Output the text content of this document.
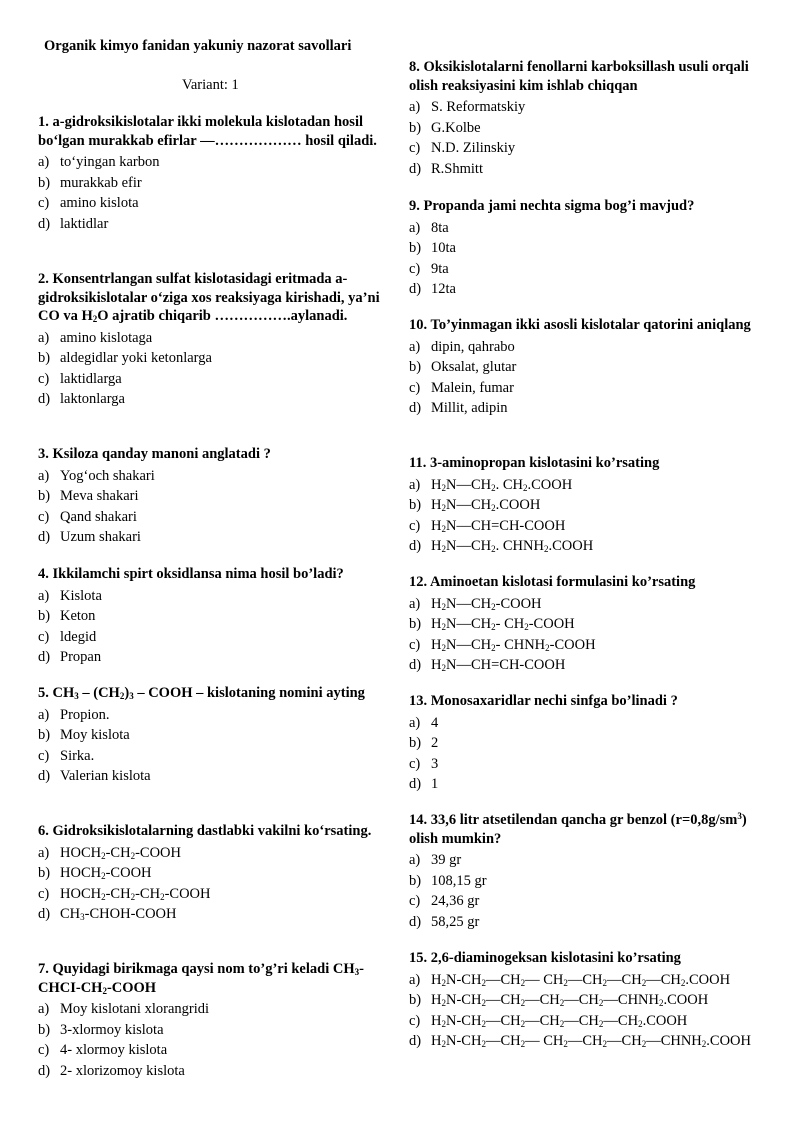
Organik kimyo fanidan yakuniy nazorat savollari
Variant: 1
1. a-gidroksikislotalar ikki molekula kislotadan hosil bo‘lgan murakkab efirlar —……………… hosil qiladi.
a) to‘yingan karbon
b) murakkab efir
c) amino kislota
d) laktidlar
2. Konsentrlangan sulfat kislotasidagi eritmada a-gidroksikislotalar o‘ziga xos reaksiyaga kirishadi, ya’ni CO va $H_2O$ ajratib chiqarib …………….aylanadi.
a) amino kislotaga
b) aldegidlar yoki ketonlarga
c) laktidlarga
d) laktonlarga
3. Ksiloza qanday manoni anglatadi ?
a) Yog‘och shakari
b) Meva shakari
c) Qand shakari
d) Uzum shakari
4. Ikkilamchi spirt oksidlansa nima hosil bo’ladi?
a) Kislota
b) Keton
c) ldegid
d) Propan
5. $CH_3 - (CH_2)_3$ – COOH – kislotaning nomini ayting
a) Propion.
b) Moy kislota
c) Sirka.
d) Valerian kislota
6. Gidroksikislotalarning dastlabki vakilni ko‘rsating.
a) $HOCH_2-CH_2$-COOH
b) $HOCH_2$-COOH
c) $HOCH_2-CH_2-CH_2$-COOH
d) $CH_3-CHOH$-COOH
7. Quyidagi birikmaga qaysi nom to’g’ri keladi $CH_3-CHCI-CH_2$-COOH
a) Moy kislotani xlorangridi
b) 3-xlormoy kislota
c) 4- xlormoy kislota
d) 2- xlorizomoy kislota
8. Oksikislotalarni fenollarni karboksillash usuli orqali olish reaksiyasini kim ishlab chiqqan
a) S. Reformatskiy
b) G.Kolbe
c) N.D. Zilinskiy
d) R.Shmitt
9. Propanda jami nechta sigma bog’i mavjud?
a) 8ta
b) 10ta
c) 9ta
d) 12ta
10. To’yinmagan ikki asosli kislotalar qatorini aniqlang
a) dipin, qahrabo
b) Oksalat, glutar
c) Malein, fumar
d) Millit, adipin
11. 3-aminopropan kislotasini ko’rsating
a) $H_2N—CH_2$. $CH_2.COOH$
b) $H_2N—CH_2.COOH$
c) $H_2N—CH=CH$-COOH
d) $H_2N—CH_2$. $CHNH_2.COOH$
12. Aminoetan kislotasi formulasini ko’rsating
a) $H_2N—CH_2$-COOH
b) $H_2N—CH_2-$ $CH_2$-COOH
c) $H_2N—CH_2-$ $CHNH_2$-COOH
d) $H_2N—CH=CH$-COOH
13. Monosaxaridlar nechi sinfga bo’linadi ?
a) 4
b) 2
c) 3
d) 1
14. 33,6 litr atsetilendan qancha gr benzol $(r=0,8g/sm^3)$ olish mumkin?
a) 39 gr
b) 108,15 gr
c) 24,36 gr
d) 58,25 gr
15. 2,6-diaminogeksan kislotasini ko’rsating
a) $H_2N-CH_2—CH_2—$ $CH_2—CH_2—CH_2—CH_2.COOH$
b) $H_2N-CH_2—CH_2—CH_2—CH_2—CHNH_2.COOH$
c) $H_2N-CH_2—CH_2—CH_2—CH_2—CH_2.COOH$
d) $H_2N-CH_2—CH_2—$ $CH_2—CH_2—CH_2—CHNH_2.COOH$
